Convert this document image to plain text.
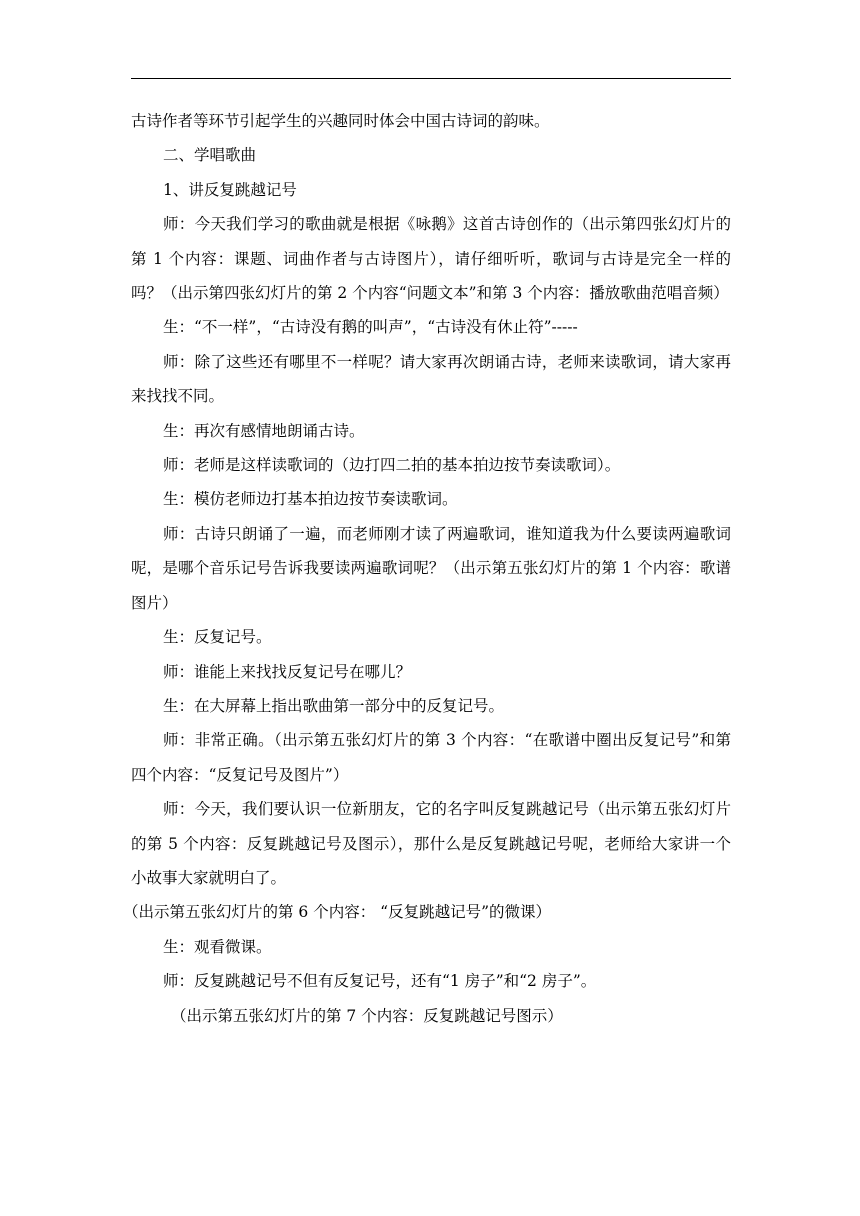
古诗作者等环节引起学生的兴趣同时体会中国古诗词的韵味。

二、学唱歌曲

1、讲反复跳越记号

师：今天我们学习的歌曲就是根据《咏鹅》这首古诗创作的（出示第四张幻灯片的第 1 个内容：课题、词曲作者与古诗图片），请仔细听听，歌词与古诗是完全一样的吗？（出示第四张幻灯片的第 2 个内容“问题文本”和第 3 个内容：播放歌曲范唱音频）

生：“不一样”，“古诗没有鹅的叫声”，“古诗没有休止符”-----

师：除了这些还有哪里不一样呢？请大家再次朗诵古诗，老师来读歌词，请大家再来找找不同。

生：再次有感情地朗诵古诗。

师：老师是这样读歌词的（边打四二拍的基本拍边按节奏读歌词）。

生：模仿老师边打基本拍边按节奏读歌词。

师：古诗只朗诵了一遍，而老师刚才读了两遍歌词，谁知道我为什么要读两遍歌词呢，是哪个音乐记号告诉我要读两遍歌词呢？（出示第五张幻灯片的第 1 个内容：歌谱图片）

生：反复记号。

师：谁能上来找找反复记号在哪儿？

生：在大屏幕上指出歌曲第一部分中的反复记号。

师：非常正确。（出示第五张幻灯片的第 3 个内容：“在歌谱中圈出反复记号”和第四个内容：“反复记号及图片”）

师：今天，我们要认识一位新朋友，它的名字叫反复跳越记号（出示第五张幻灯片的第 5 个内容：反复跳越记号及图示），那什么是反复跳越记号呢，老师给大家讲一个小故事大家就明白了。

（出示第五张幻灯片的第 6 个内容： “反复跳越记号”的微课）

生：观看微课。

师：反复跳越记号不但有反复记号，还有“1 房子”和“2 房子”。

（出示第五张幻灯片的第 7 个内容：反复跳越记号图示）
